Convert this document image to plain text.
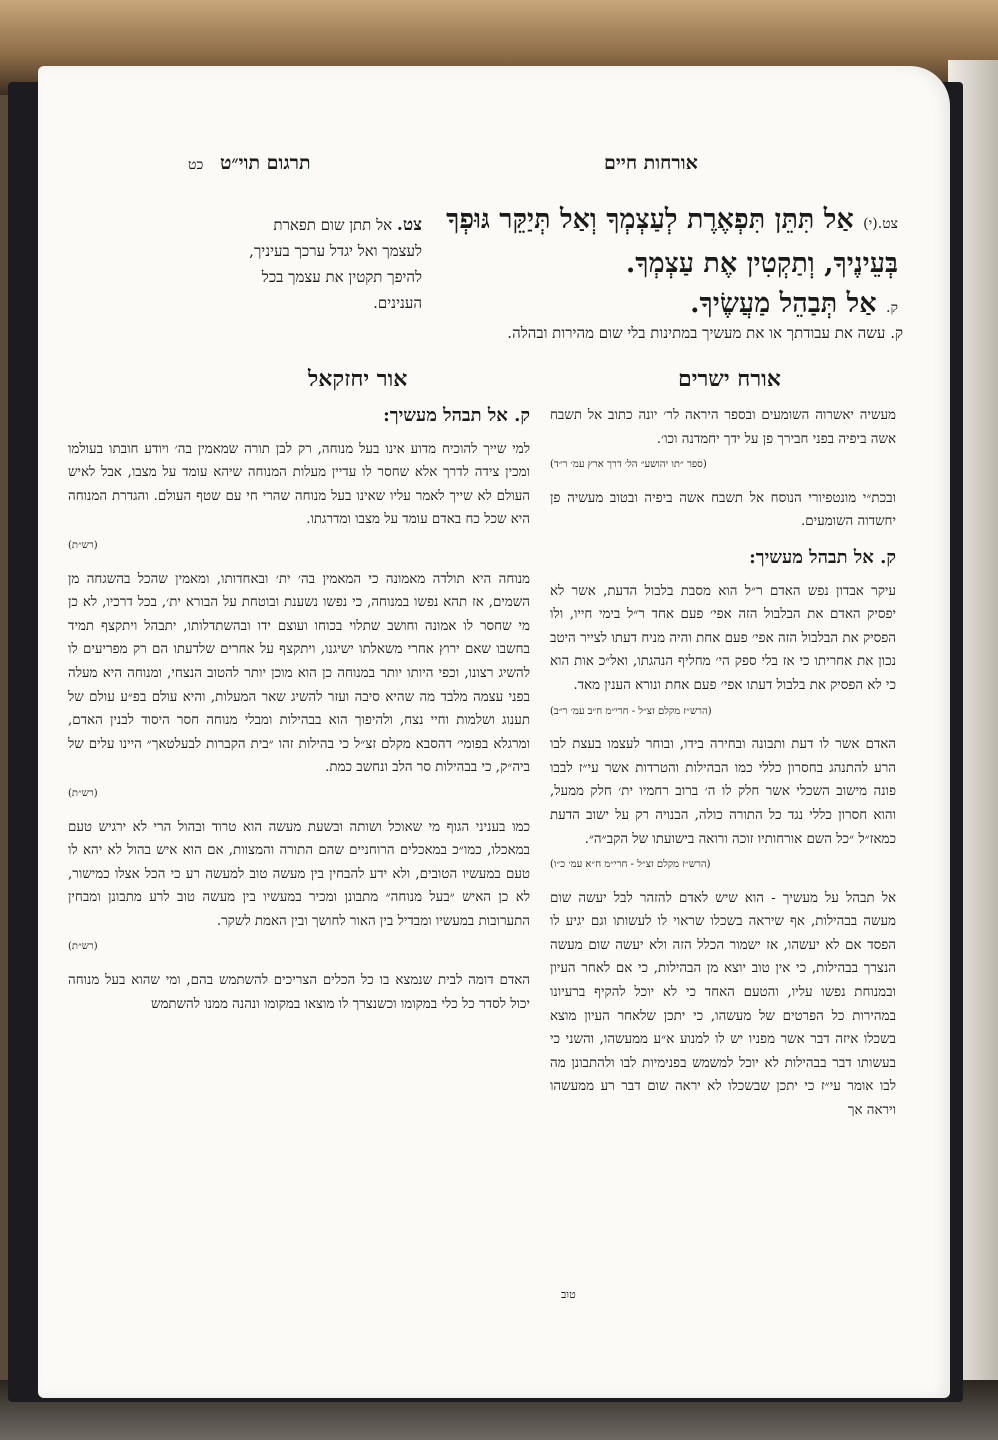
תרגום תוי״ט כט	אורחות חיים
צט.(י) אַל תִּתֵּן תִּפְאֶרֶת לְעַצְמְךָ וְאַל תְּיַקֵּר גּוּפְךָ
בְּעֵינֶיךָ, וְתַקְטִין אֶת עַצְמְךָ.
ק. אַל תְּבַהֵל מַעֲשֶׂיךָ.
צט. אל תתן שום תפארת לעצמך ואל יגדל ערכך בעיניך, להיפך תקטין את עצמך בכל הענינים.
ק. עשה את עבודתך או את מעשיך במתינות בלי שום מהירות ובהלה.
אור יחזקאל	אורח ישרים
ק. אל תבהל מעשיך:

למי שייך להוכיח מדוע אינו בעל מנוחה, רק לבן תורה שמאמין בה׳ ויודע חובתו בעולמו ומכין צידה לדרך אלא שחסר לו עדיין מעלות המנוחה שיהא עומד על מצבו, אבל לאיש העולם לא שייך לאמר עליו שאינו בעל מנוחה שהרי חי עם שטף העולם. והגדרת המנוחה היא שכל כח באדם עומד על מצבו ומדרגתו.

(רש״ת)

מנוחה היא תולדה מאמונה כי המאמין בה׳ ית׳ ובאחדותו, ומאמין שהכל בהשגחה מן השמים, אז תהא נפשו במנוחה, כי נפשו נשענת ובוטחת על הבורא ית׳, בכל דרכיו, לא כן מי שחסר לו אמונה וחושב שתלוי בכוחו ועוצם ידו ובהשתדלותו, יתבהל ויתקצף תמיד בחשבו שאם ירוץ אחרי משאלתו ישיגנו, ויתקצף על אחרים שלדעתו הם רק מפריעים לו להשיג רצונו, וכפי היותו יותר במנוחה כן הוא מוכן יותר להטוב הנצחי, ומנוחה היא מעלה בפני עצמה מלבד מה שהיא סיבה ועזר להשיג שאר המעלות, והיא עולם בפ״ע עולם של תענוג ושלמות וחיי נצח, ולהיפוך הוא בבהילות ומבלי מנוחה חסר היסוד לבנין האדם, ומרגלא בפומי׳ דהסבא מקלם זצ״ל כי בהילות זהו ״בית הקברות לבעלטאך״ היינו עלים של ביה״ק, כי בבהילות סר הלב ונחשב כמת.

(רש״ת)

כמו בעניני הגוף מי שאוכל ושותה ובשעת מעשה הוא טרוד ובהול הרי לא ירגיש טעם במאכלו, כמו״כ במאכלים הרוחניים שהם התורה והמצוות, אם הוא איש בהול לא יהא לו טעם במעשיו הטובים, ולא ידע להבחין בין מעשה טוב למעשה רע כי הכל אצלו כמישור, לא כן האיש ״בעל מנוחה״ מתבונן ומכיר במעשיו בין מעשה טוב לרע מתבונן ומבחין התערובות במעשיו ומבדיל בין האור לחושך ובין האמת לשקר.

(רש״ת)

האדם דומה לבית שנמצא בו כל הכלים הצריכים להשתמש בהם, ומי שהוא בעל מנוחה יכול לסדר כל כלי במקומו וכשנצרך לו מוצאו במקומו ונהנה ממנו להשתמש

מעשיה יאשרוה השומעים ובספר היראה לר׳ יונה כתוב אל תשבח אשה ביפיה בפני חבירך פן על ידך יחמדנה וכו׳.

(ספר ״תו יהושע״ הל׳ דרך ארץ עמ׳ ר״ד)

ובכת״י מונטפיורי הנוסח אל תשבח אשה ביפיה ובטוב מעשיה פן יחשדוה השומעים.

ק. אל תבהל מעשיך:

עיקר אבדון נפש האדם ר״ל הוא מסבת בלבול הדעת, אשר לא יפסיק האדם את הבלבול הזה אפי׳ פעם אחד ר״ל בימי חייו, ולו הפסיק את הבלבול הזה אפי׳ פעם אחת והיה מניח דעתו לצייר היטב נכון את אחריתו כי אז בלי ספק הי׳ מחליף הנהגתו, ואל״כ אות הוא כי לא הפסיק את בלבול דעתו אפי׳ פעם אחת ונורא הענין מאד.

(הרש״ז מקלם זצ״ל - חרי״מ ח״ב עמ׳ ר״ב)

האדם אשר לו דעת ותבונה ובחירה בידו, ובוחר לעצמו בעצת לבו הרע להתנהג בחסרון כללי כמו הבהילות והטרדות אשר עי״ז לבבו פונה מישוב השכלי אשר חלק לו ה׳ ברוב רחמיו ית׳ חלק ממעל, והוא חסרון כללי נגד כל התורה כולה, הבנויה רק על ישוב הדעת כמאז״ל ״כל השם אורחותיו זוכה ורואה בישועתו של הקב״ה״.

(הרש״ז מקלם זצ״ל - חרי״מ ח״א עמ׳ כ״ו)

אל תבהל על מעשיך - הוא שיש לאדם להזהר לבל יעשה שום מעשה בבהילות, אף שיראה בשכלו שראוי לו לעשותו וגם יגיע לו הפסד אם לא יעשהו, אז ישמור הכלל הזה ולא יעשה שום מעשה הנצרך בבהילות, כי אין טוב יוצא מן הבהילות, כי אם לאחר העיון ובמנוחת נפשו עליו, והטעם האחד כי לא יוכל להקיף ברעיונו במהירות כל הפרטים של מעשהו, כי יתכן שלאחר העיון מוצא בשכלו איזה דבר אשר מפניו יש לו למנוע א״ע ממעשהו, והשני כי בעשותו דבר בבהילות לא יוכל למשמש בפנימיות לבו ולהתבונן מה לבו אומר עי״ז כי יתכן שבשכלו לא יראה שום דבר רע ממעשהו ויראה אך

טוב
